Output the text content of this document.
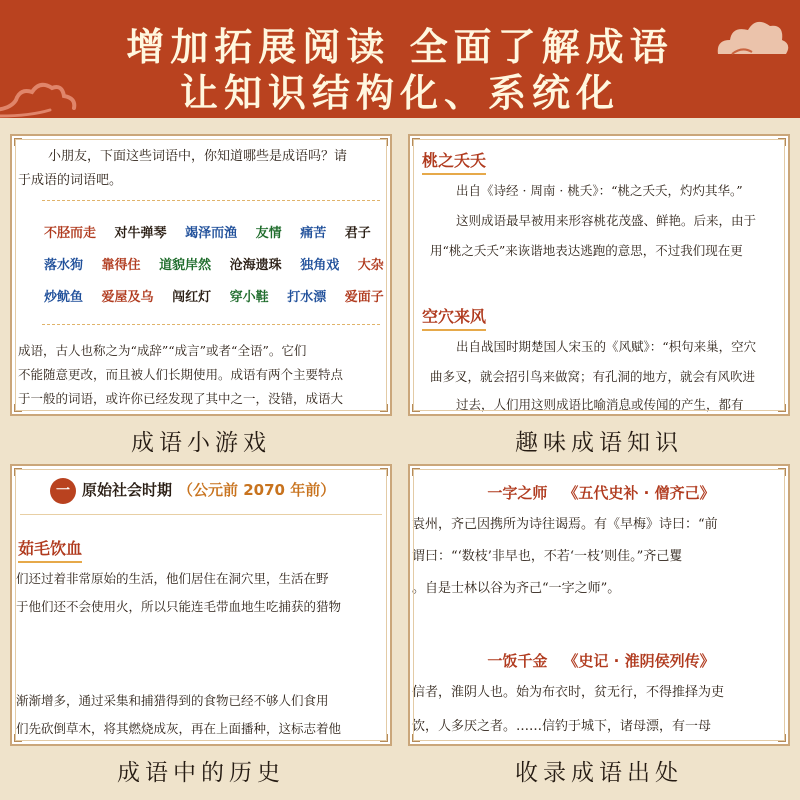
增加拓展阅读 全面了解成语
让知识结构化、系统化
小朋友，下面这些词语中，你知道哪些是成语吗？请
于成语的词语吧。
不胫而走 对牛弹琴 竭泽而渔 友情 痛苦 君子
落水狗 靠得住 道貌岸然 沧海遗珠 独角戏 大杂
炒鱿鱼 爱屋及乌 闯红灯 穿小鞋 打水漂 爱面子
成语，古人也称之为“成辞”“成言”或者“全语”。它们
不能随意更改，而且被人们长期使用。成语有两个主要特点
于一般的词语，或许你已经发现了其中之一，没错，成语大
成语小游戏
桃之夭夭
出自《诗经 · 周南 · 桃夭》：“桃之夭夭，灼灼其华。”
这则成语最早被用来形容桃花茂盛、鲜艳。后来，由于
用“桃之夭夭”来诙谐地表达逃跑的意思，不过我们现在更
空穴来风
出自战国时期楚国人宋玉的《风赋》：“枳句来巢，空穴
曲多叉，就会招引鸟来做窝；有孔洞的地方，就会有风吹进
过去，人们用这则成语比喻消息或传闻的产生，都有
趣味成语知识
一 原始社会时期 （公元前 2070 年前）
茹毛饮血
们还过着非常原始的生活，他们居住在洞穴里，生活在野
于他们还不会使用火，所以只能连毛带血地生吃捕获的猎物
渐渐增多，通过采集和捕猎得到的食物已经不够人们食用
们先砍倒草木，将其燃烧成灰，再在上面播种，这标志着他
成语中的历史
一字之师 《五代史补 · 僧齐己》
袁州，齐己因携所为诗往谒焉。有《早梅》诗曰：“前
谓曰：“‘数枝’非早也，不若‘一枝’则佳。”齐己矍
。自是士林以谷为齐己“一字之师”。
一饭千金 《史记 · 淮阴侯列传》
信者，淮阴人也。始为布衣时，贫无行，不得推择为吏
饮，人多厌之者。……信钓于城下，诸母漂，有一母
收录成语出处
